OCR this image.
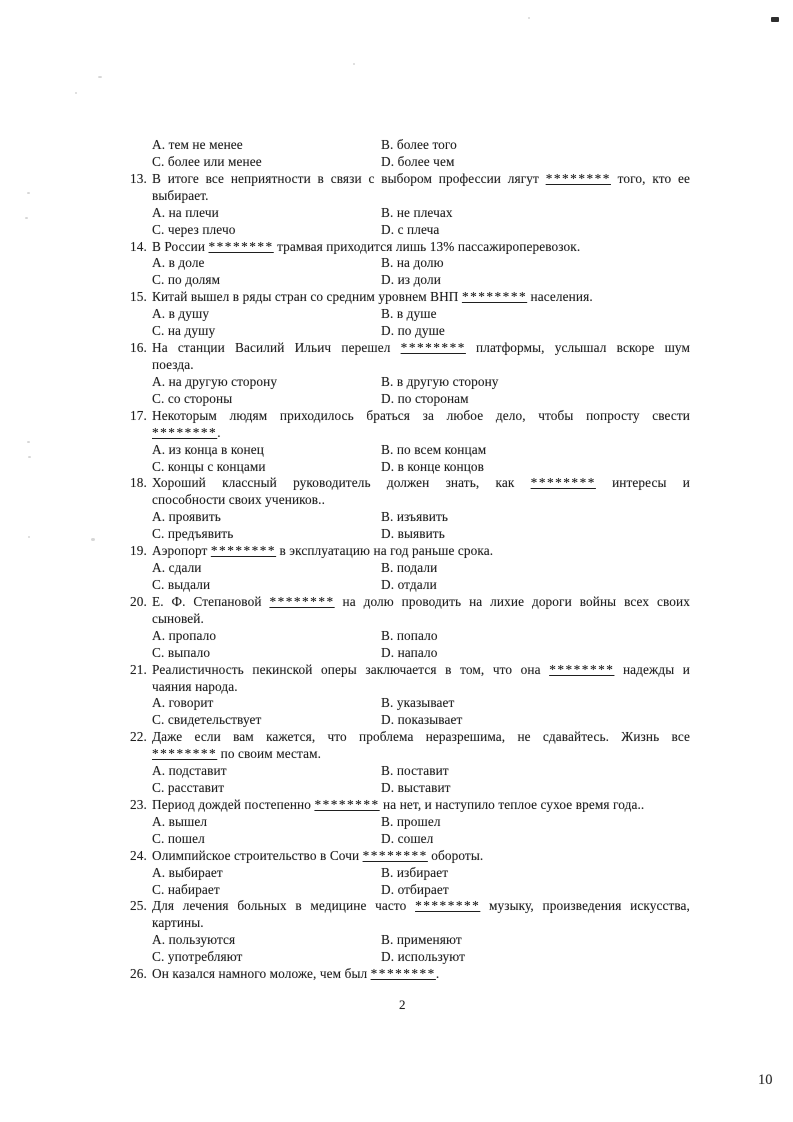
A. тем не менее	B. более того
C. более или менее	D. более чем
13. В итоге все неприятности в связи с выбором профессии лягут ******** того, кто ее
выбирает.
A. на плечи	B. не плечах
C. через плечо	D. с плеча
14. В России ******** трамвая приходится лишь 13% пассажироперевозок.
A. в доле	B. на долю
C. по долям	D. из доли
15. Китай вышел в ряды стран со средним уровнем ВНП ******** населения.
A. в душу	B. в душе
C. на душу	D. по душе
16. На станции Василий Ильич перешел ******** платформы, услышал вскоре шум
поезда.
A. на другую сторону	B. в другую сторону
C. со стороны	D. по сторонам
17. Некоторым людям приходилось браться за любое дело, чтобы попросту свести
********.
A. из конца в конец	B. по всем концам
C. концы с концами	D. в конце концов
18. Хороший классный руководитель должен знать, как ******** интересы и
способности своих учеников..
A. проявить	B. изъявить
C. предъявить	D. выявить
19. Аэропорт ******** в эксплуатацию на год раньше срока.
A. сдали	B. подали
C. выдали	D. отдали
20. Е. Ф. Степановой ******** на долю проводить на лихие дороги войны всех своих
сыновей.
A. пропало	B. попало
C. выпало	D. напало
21. Реалистичность пекинской оперы заключается в том, что она ******** надежды и
чаяния народа.
A. говорит	B. указывает
C. свидетельствует	D. показывает
22. Даже если вам кажется, что проблема неразрешима, не сдавайтесь. Жизнь все
******** по своим местам.
A. подставит	B. поставит
C. расставит	D. выставит
23. Период дождей постепенно ******** на нет, и наступило теплое сухое время года..
A. вышел	B. прошел
C. пошел	D. сошел
24. Олимпийское строительство в Сочи ******** обороты.
A. выбирает	B. избирает
C. набирает	D. отбирает
25. Для лечения больных в медицине часто ******** музыку, произведения искусства,
картины.
A. пользуются	B. применяют
C. употребляют	D. используют
26. Он казался намного моложе, чем был ********.
2
10
